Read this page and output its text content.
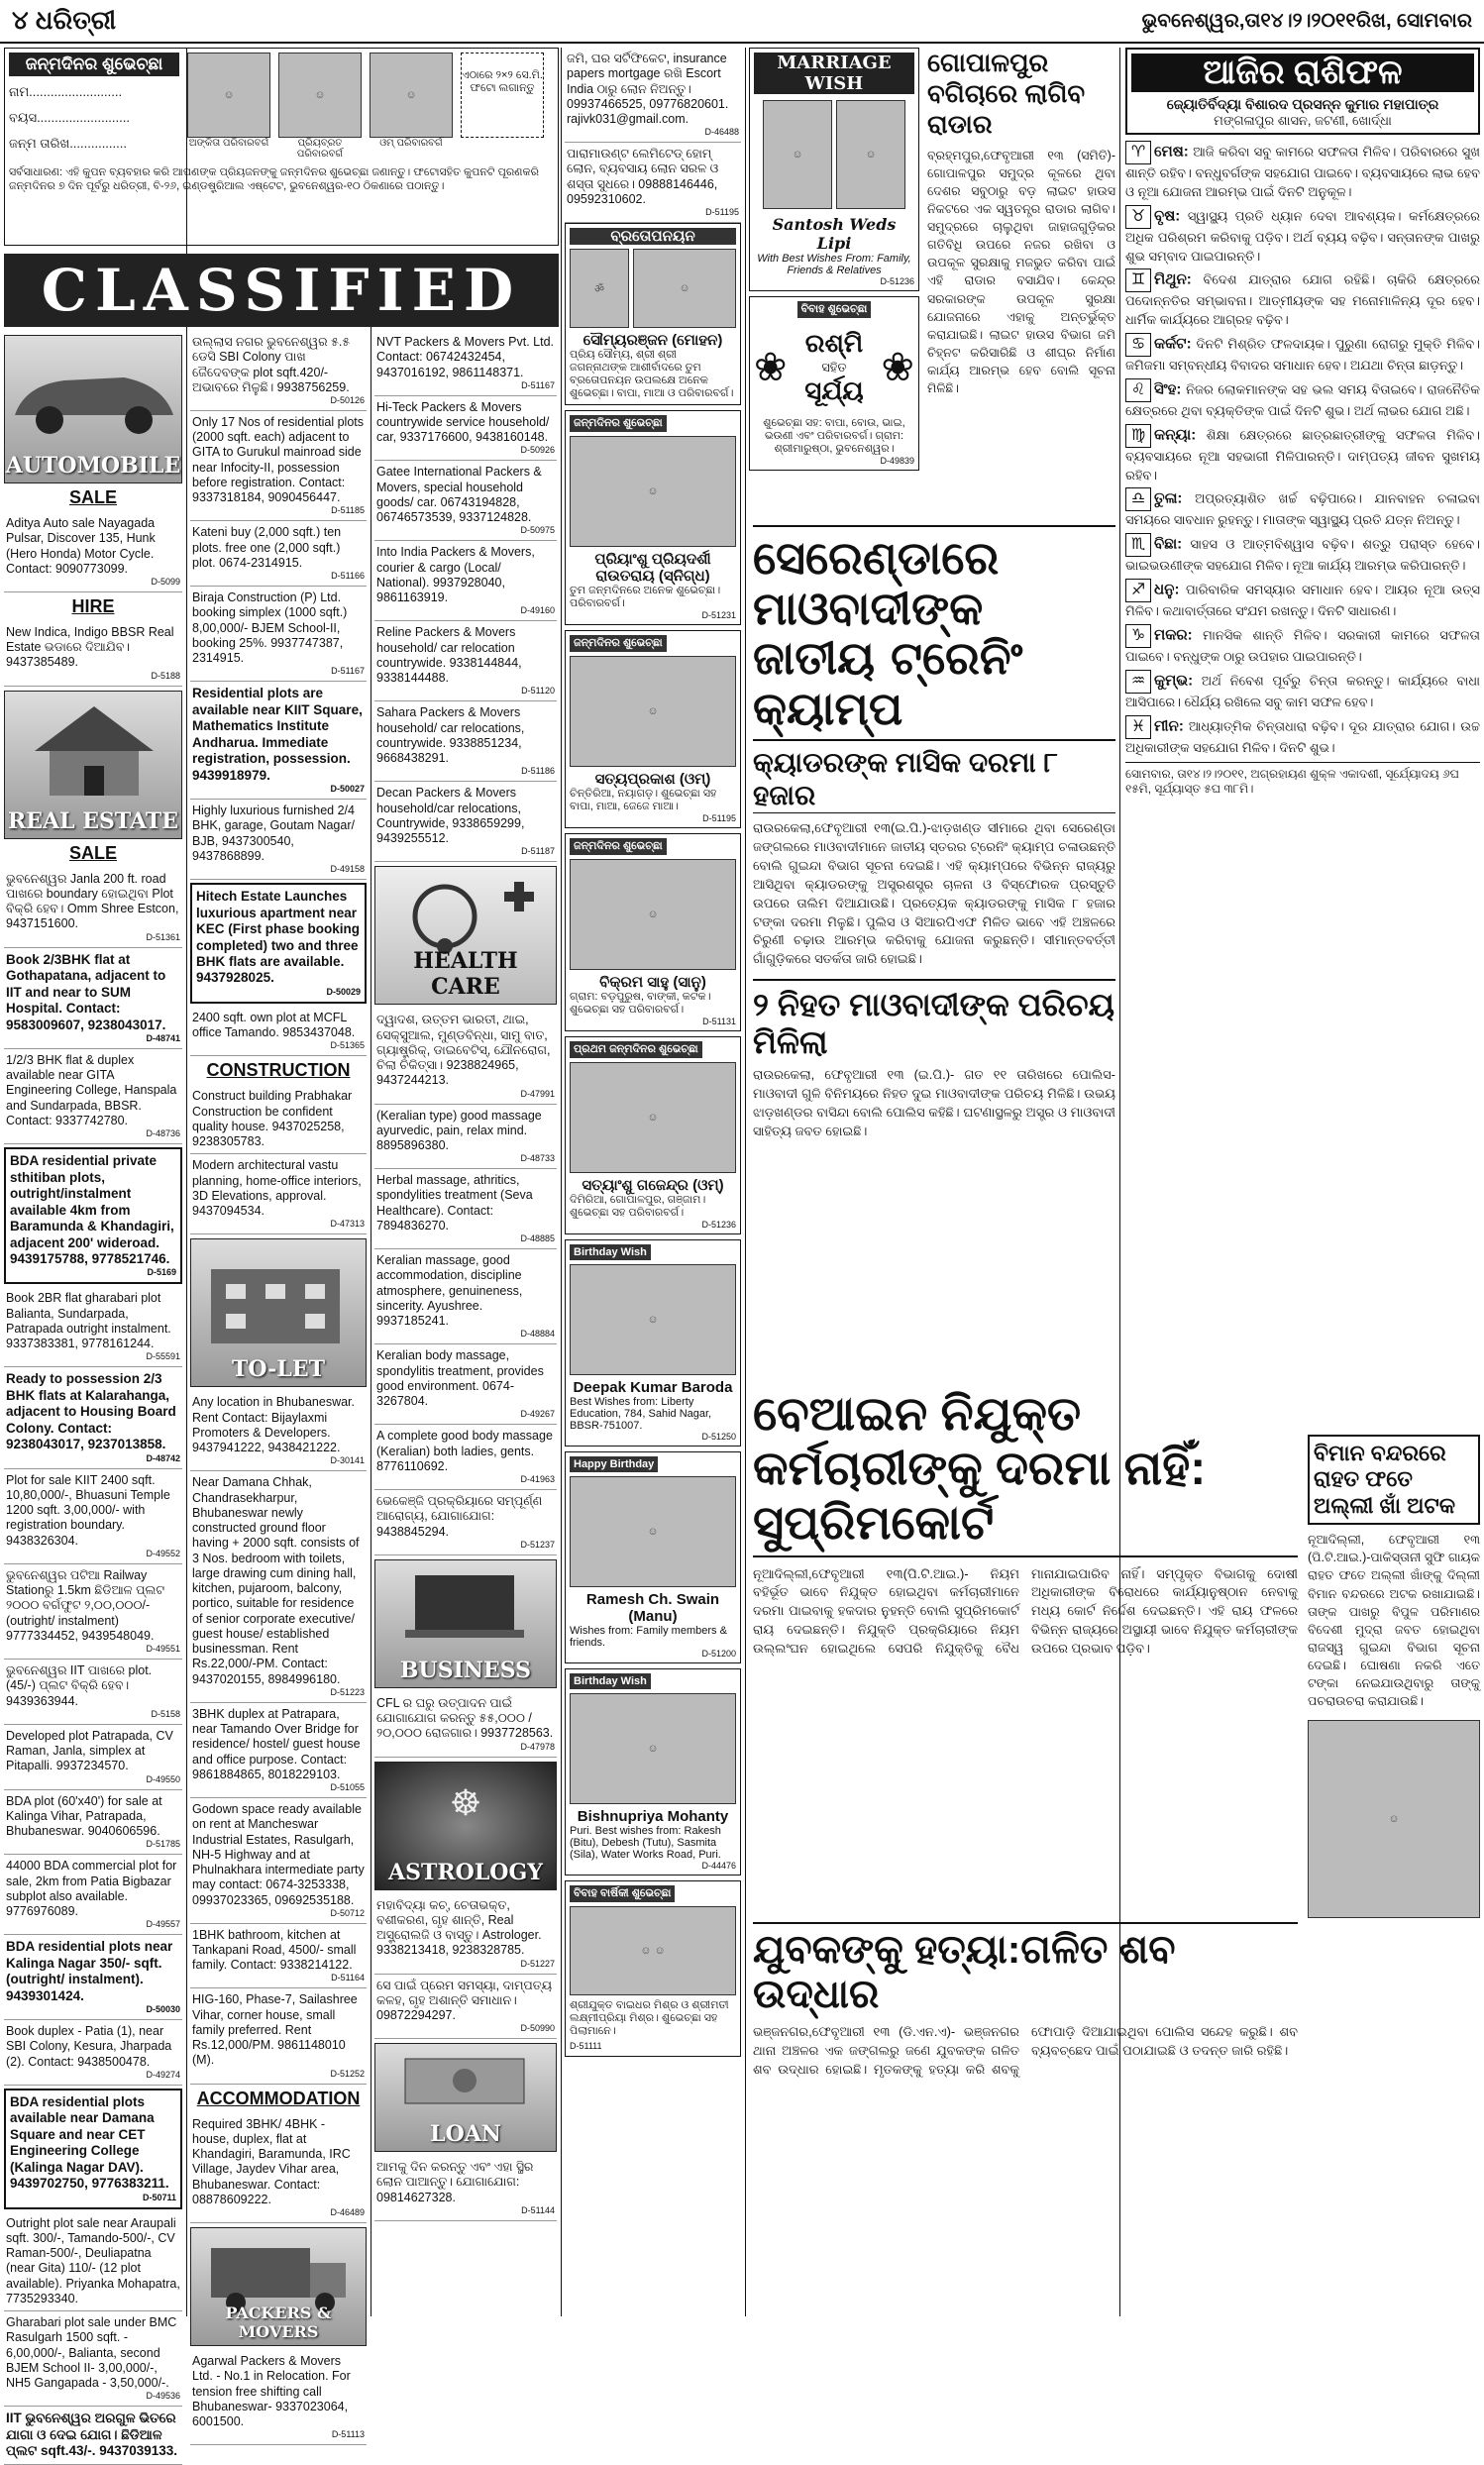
୪ ଧରିତ୍ରୀ	ଭୁବନେଶ୍ୱର,ତା୧୪।୨।୨୦୧୧ରିଖ, ସୋମବାର
ଜନ୍ମଦିନର ଶୁଭେଚ୍ଛା
ନାମ..........................
ବୟସ..........................
ଜନ୍ମ ତାରିଖ................
☺
ଅଙ୍କିତା ପରିବାରବର୍ଗ
☺
ପ୍ରିୟବ୍ରତ ପରିବାରବର୍ଗ
☺
ଓମ୍ ପରିବାରବର୍ଗ
ଏଠାରେ ୨×୨ ସେ.ମି. ଫଟୋ ଲଗାନ୍ତୁ
ସର୍ବସାଧାରଣ: ଏହି କୁପନ ବ୍ୟବହାର କରି ଆପଣଙ୍କ ପ୍ରିୟଜନଙ୍କୁ ଜନ୍ମଦିନର ଶୁଭେଚ୍ଛା ଜଣାନ୍ତୁ। ଫଟୋସହିତ କୁପନଟି ପୂରଣକରି ଜନ୍ମଦିନର ୭ ଦିନ ପୂର୍ବରୁ ଧରିତ୍ରୀ, ବି-୨୬, ଇଣ୍ଡଷ୍ଟ୍ରିଆଲ ଏଷ୍ଟେଟ, ଭୁବନେଶ୍ୱର-୧୦ ଠିକଣାରେ ପଠାନ୍ତୁ।
CLASSIFIED
AUTOMOBILE
SALE
Aditya Auto sale Nayagada Pulsar, Discover 135, Hunk (Hero Honda) Motor Cycle. Contact: 9090773099.
D-5099
HIRE
New Indica, Indigo BBSR Real Estate ଭଡାରେ ଦିଆଯିବ। 9437385489.
D-5188
REAL ESTATE
SALE
ଭୁବନେଶ୍ୱର Janla 200 ft. road ପାଖରେ boundary ହୋଇଥିବା Plot ବିକ୍ରି ହେବ। Omm Shree Estcon, 9437151600.
D-51361
Book 2/3BHK flat at Gothapatana, adjacent to IIT and near to SUM Hospital. Contact: 9583009607, 9238043017.
D-48741
1/2/3 BHK flat & duplex available near GITA Engineering College, Hanspala and Sundarpada, BBSR. Contact: 9337742780.
D-48736
BDA residential private sthitiban plots, outright/instalment available 4km from Baramunda & Khandagiri, adjacent 200' wideroad. 9439175788, 9778521746.
D-5169
Book 2BR flat gharabari plot Balianta, Sundarpada, Patrapada outright instalment. 9337383381, 9778161244.
D-55591
Ready to possession 2/3 BHK flats at Kalarahanga, adjacent to Housing Board Colony. Contact: 9238043017, 9237013858.
D-48742
Plot for sale KIIT 2400 sqft. 10,80,000/-, Bhuasuni Temple 1200 sqft. 3,00,000/- with registration boundary. 9438326304.
D-49552
ଭୁବନେଶ୍ୱର ପଟିଆ Railway Stationରୁ 1.5km ଛିଡିଆଳ ପ୍ଲଟ ୨୦୦୦ ବର୍ଗଫୁଟ ୨,୦୦,୦୦୦/- (outright/ instalment) 9777334452, 9439548049.
D-49551
ଭୁବନେଶ୍ୱର IIT ପାଖରେ plot. (45/-) ପ୍ଲଟ ବିକ୍ରି ହେବ। 9439363944.
D-5158
Developed plot Patrapada, CV Raman, Janla, simplex at Pitapalli. 9937234570.
D-49550
BDA plot (60'x40') for sale at Kalinga Vihar, Patrapada, Bhubaneswar. 9040606596.
D-51785
44000 BDA commercial plot for sale, 2km from Patia Bigbazar subplot also available. 9776976089.
D-49557
BDA residential plots near Kalinga Nagar 350/- sqft. (outright/ instalment). 9439301424.
D-50030
Book duplex - Patia (1), near SBI Colony, Kesura, Jharpada (2). Contact: 9438500478.
D-49274
BDA residential plots available near Damana Square and near CET Engineering College (Kalinga Nagar DAV). 9439702750, 9776383211.
D-50711
Outright plot sale near Araupali sqft. 300/-, Tamando-500/-, CV Raman-500/-, Deuliapatna (near Gita) 110/- (12 plot available). Priyanka Mohapatra, 7735293340.
Gharabari plot sale under BMC Rasulgarh 1500 sqft. - 6,00,000/-, Balianta, second BJEM School II- 3,00,000/-, NH5 Gangapada - 3,50,000/-.
D-49536
IIT ଭୁବନେଶ୍ୱର ଅରଗୁଳ ଭିତରେ ଯାଗା ଓ ଦେଇ ଯୋଗ। ଛିଡିଆଳ ପ୍ଲଟ sqft.43/-. 9437039133.
ଉଲ୍ଲାସ ନଗର ଭୁବନେଶ୍ୱର ୫.୫ ଡେସି SBI Colony ପାଖ ଜୈଦେବଙ୍କ plot sqft.420/- ଅଭାବରେ ମିଳୁଛି। 9938756259.
D-50126
Only 17 Nos of residential plots (2000 sqft. each) adjacent to GITA to Gurukul mainroad side near Infocity-II, possession before registration. Contact: 9337318184, 9090456447.
D-51185
Kateni buy (2,000 sqft.) ten plots. free one (2,000 sqft.) plot. 0674-2314915.
D-51166
Biraja Construction (P) Ltd. booking simplex (1000 sqft.) 8,00,000/- BJEM School-II, booking 25%. 9937747387, 2314915.
D-51167
Residential plots are available near KIIT Square, Mathematics Institute Andharua. Immediate registration, possession. 9439918979.
D-50027
Highly luxurious furnished 2/4 BHK, garage, Goutam Nagar/ BJB, 9437300540, 9437868899.
D-49158
Hitech Estate Launches luxurious apartment near KEC (First phase booking completed) two and three BHK flats are available. 9437928025.
D-50029
2400 sqft. own plot at MCFL office Tamando. 9853437048.
D-51365
CONSTRUCTION
Construct building Prabhakar Construction be confident quality house. 9437025258, 9238305783.
Modern architectural vastu planning, home-office interiors, 3D Elevations, approval. 9437094534.
D-47313
TO-LET
Any location in Bhubaneswar. Rent Contact: Bijaylaxmi Promoters & Developers. 9437941222, 9438421222.
D-30141
Near Damana Chhak, Chandrasekharpur, Bhubaneswar newly constructed ground floor having + 2000 sqft. consists of 3 Nos. bedroom with toilets, large drawing cum dining hall, kitchen, pujaroom, balcony, portico, suitable for residence of senior corporate executive/ guest house/ established businessman. Rent Rs.22,000/-PM. Contact: 9437020155, 8984996180.
D-51223
3BHK duplex at Patrapara, near Tamando Over Bridge for residence/ hostel/ guest house and office purpose. Contact: 9861884865, 8018229103.
D-51055
Godown space ready available on rent at Mancheswar Industrial Estates, Rasulgarh, NH-5 Highway and at Phulnakhara intermediate party may contact: 0674-3253338, 09937023365, 09692535188.
D-50712
1BHK bathroom, kitchen at Tankapani Road, 4500/- small family. Contact: 9338214122.
D-51164
HIG-160, Phase-7, Sailashree Vihar, corner house, small family preferred. Rent Rs.12,000/PM. 9861148010 (M).
D-51252
ACCOMMODATION
Required 3BHK/ 4BHK - house, duplex, flat at Khandagiri, Baramunda, IRC Village, Jaydev Vihar area, Bhubaneswar. Contact: 08878609222.
D-46489
PACKERS & MOVERS
Agarwal Packers & Movers Ltd. - No.1 in Relocation. For tension free shifting call Bhubaneswar- 9337023064, 6001500.
D-51113
NVT Packers & Movers Pvt. Ltd. Contact: 06742432454, 9437016192, 9861148371.
D-51167
Hi-Teck Packers & Movers countrywide service household/ car, 9337176600, 9438160148.
D-50926
Gatee International Packers & Movers, special household goods/ car. 06743194828, 06746573539, 9337124828.
D-50975
Into India Packers & Movers, courier & cargo (Local/ National). 9937928040, 9861163919.
D-49160
Reline Packers & Movers household/ car relocation countrywide. 9338144844, 9338144488.
D-51120
Sahara Packers & Movers household/ car relocations, countrywide. 9338851234, 9668438291.
D-51186
Decan Packers & Movers household/car relocations, Countrywide, 9338659299, 9439255512.
D-51187
HEALTH CARE
ଦ୍ୱାଦଶ, ଉତ୍ତମ ଭାରତୀ, ଥାଇ, ସେକ୍ସୁଆଲ, ମୁଣ୍ଡବିନ୍ଧା, ସାମୁ ବାତ, ଗ୍ୟାଷ୍ଟ୍ରିକ୍, ଡାଇବେଟିସ୍, ଯୌନରୋଗ, ଚିଲା ଚିକିତ୍ସା। 9238824965, 9437244213.
D-47991
(Keralian type) good massage ayurvedic, pain, relax mind. 8895896380.
D-48733
Herbal massage, athritics, spondylities treatment (Seva Healthcare). Contact: 7894836270.
D-48885
Keralian massage, good accommodation, discipline atmosphere, genuineness, sincerity. Ayushree. 9937185241.
D-48884
Keralian body massage, spondylitis treatment, provides good environment. 0674-3267804.
D-49267
A complete good body massage (Keralian) both ladies, gents. 8776110692.
D-41963
ଭେକେଞ୍ଜି ପ୍ରକ୍ରିୟାରେ ସମ୍ପୂର୍ଣ୍ଣ ଆରୋଗ୍ୟ, ଯୋଗାଯୋଗ: 9438845294.
D-51237
BUSINESS
CFL ର ଘରୁ ଉତ୍ପାଦନ ପାଇଁ ଯୋଗାଯୋଗ କରନ୍ତୁ ୫୫,୦୦୦ / ୨୦,୦୦୦ ରୋଜଗାର। 9937728563.
D-47978
☸
ASTROLOGY
ମହାବିଦ୍ୟା କଚ୍, ଚେତାଭକ୍ତ, ବଶୀକରଣ, ଗୃହ ଶାନ୍ତି, Real ଅସ୍ଟ୍ରୋଲଜି ଓ ବାସ୍ତୁ। Astrologer. 9338213418, 9238328785.
D-51227
ସେ ପାଇଁ ପ୍ରେମ ସମସ୍ୟା, ଦାମ୍ପତ୍ୟ କଳହ, ଗୃହ ଅଶାନ୍ତି ସମାଧାନ। 09872294297.
D-50990
LOAN
ଆମକୁ ଦିନ କରନ୍ତୁ ଏବଂ ଏହା ସ୍ଥିର ଲୋନ ପାଆନ୍ତୁ। ଯୋଗାଯୋଗ: 09814627328.
D-51144
ଜମି, ଘର ସର୍ଟିଫିକେଟ, insurance papers mortgage ରଖି Escort India ଠାରୁ ଲୋନ ନିଅନ୍ତୁ। 09937466525, 09776820601. rajivk031@gmail.com.
D-46488
ପାରାମାଉଣ୍ଟ ଲେମିଟେଡ୍ ହୋମ୍ ଲୋନ, ବ୍ୟବସାୟ ଲୋନ ସରଳ ଓ ଶସ୍ତା ସୁଧରେ। 09888146446, 09592310602.
D-51195
ବ୍ରତୋପନୟନ
ॐ	☺
ସୌମ୍ୟରଞ୍ଜନ (ମୋହନ)
ପ୍ରିୟ ସୌମ୍ୟ, ଶ୍ରୀ ଶ୍ରୀ ଜଗନ୍ନାଥଙ୍କ ଆଶୀର୍ବାଦରେ ତୁମ ବ୍ରତୋପନୟନ ଉପଲକ୍ଷେ ଅନେକ ଶୁଭେଚ୍ଛା। ବାପା, ମାଆ ଓ ପରିବାରବର୍ଗ।
ଜନ୍ମଦିନର ଶୁଭେଚ୍ଛା
☺
ପ୍ରିୟାଂଶୁ ପ୍ରିୟଦର୍ଶୀ ରାଉତରାୟ (ସ୍ନିଗ୍ଧ)
ତୁମ ଜନ୍ମଦିନରେ ଅନେକ ଶୁଭେଚ୍ଛା। ପରିବାରବର୍ଗ।
D-51231
ଜନ୍ମଦିନର ଶୁଭେଚ୍ଛା
☺
ସତ୍ୟପ୍ରକାଶ (ଓମ୍)
ଚିନ୍ତିରିଆ, ନୟାଗଡ଼। ଶୁଭେଚ୍ଛା ସହ ବାପା, ମାଆ, ଜେଜେ ମାଆ।
D-51195
ଜନ୍ମଦିନର ଶୁଭେଚ୍ଛା
☺
ବିକ୍ରମ ସାହୁ (ସାନୁ)
ଗ୍ରାମ: ବଡ଼ପୁରୁଷ, ବାଙ୍କୀ, କଟକ। ଶୁଭେଚ୍ଛା ସହ ପରିବାରବର୍ଗ।
D-51131
ପ୍ରଥମ ଜନ୍ମଦିନର ଶୁଭେଚ୍ଛା
☺
ସତ୍ୟାଂଶୁ ଗଜେନ୍ଦ୍ର (ଓମ୍)
ଦିମିରିଆ, ଗୋପାଳପୁର, ଗଞ୍ଜାମ। ଶୁଭେଚ୍ଛା ସହ ପରିବାରବର୍ଗ।
D-51236
Birthday Wish
☺
Deepak Kumar Baroda
Best Wishes from: Liberty Education, 784, Sahid Nagar, BBSR-751007.
D-51250
Happy Birthday
☺
Ramesh Ch. Swain (Manu)
Wishes from: Family members & friends.
D-51200
Birthday Wish
☺
Bishnupriya Mohanty
Puri. Best wishes from: Rakesh (Bitu), Debesh (Tutu), Sasmita (Sila), Water Works Road, Puri.
D-44476
ବିବାହ ବାର୍ଷିକୀ ଶୁଭେଚ୍ଛା
☺ ☺
ଶ୍ରୀଯୁକ୍ତ ବାଇଧର ମିଶ୍ର ଓ ଶ୍ରୀମତୀ ଲକ୍ଷ୍ମୀପ୍ରିୟା ମିଶ୍ର। ଶୁଭେଚ୍ଛା ସହ ପିଲାମାନେ।
D-51111
MARRIAGE WISH
☺	☺
Santosh Weds Lipi
With Best Wishes From: Family, Friends & Relatives
D-51236
ବିବାହ ଶୁଭେଚ୍ଛା
❀
ରଶ୍ମି
ସହିତ
ସୂର୍ଯ୍ୟ
❀
ଶୁଭେଚ୍ଛା ସହ: ବାପା, ବୋଉ, ଭାଇ, ଭଉଣୀ ଏବଂ ପରିବାରବର୍ଗ। ଗ୍ରାମ: ଶ୍ରୀମାରୁଷ୍ଠା, ଭୁବନେଶ୍ୱର।
D-49839
ଗୋପାଳପୁର ବଗିଚାରେ ଲାଗିବ ରାଡାର
ବ୍ରହ୍ମପୁର,ଫେବୃଆରୀ ୧୩ (ସମିତି)- ଗୋପାଳପୁର ସମୁଦ୍ର କୂଳରେ ଥିବା ଦେଶର ସବୁଠାରୁ ବଡ଼ ଲାଇଟ ହାଉସ ନିକଟରେ ଏକ ସ୍ୱତନ୍ତ୍ର ରାଡାର ଲାଗିବ। ସମୁଦ୍ରରେ ଚାଲୁଥିବା ଜାହାଜଗୁଡ଼ିକର ଗତିବିଧି ଉପରେ ନଜର ରଖିବା ଓ ଉପକୂଳ ସୁରକ୍ଷାକୁ ମଜଭୁତ କରିବା ପାଇଁ ଏହି ରାଡାର ବସାଯିବ। କେନ୍ଦ୍ର ସରକାରଙ୍କ ଉପକୂଳ ସୁରକ୍ଷା ଯୋଜନାରେ ଏହାକୁ ଅନ୍ତର୍ଭୁକ୍ତ କରାଯାଇଛି। ଲାଇଟ ହାଉସ ବିଭାଗ ଜମି ଚିହ୍ନଟ କରିସାରିଛି ଓ ଶୀଘ୍ର ନିର୍ମାଣ କାର୍ଯ୍ୟ ଆରମ୍ଭ ହେବ ବୋଲି ସୂଚନା ମିଳିଛି।
ସେରେଣ୍ଡାରେ ମାଓବାଦୀଙ୍କ ଜାତୀୟ ଟ୍ରେନିଂ କ୍ୟାମ୍ପ
କ୍ୟାଡରଙ୍କ ମାସିକ ଦରମା ୮ ହଜାର
ରାଉରକେଲା,ଫେବୃଆରୀ ୧୩(ଇ.ପି.)-ଝାଡ଼ଖଣ୍ଡ ସୀମାରେ ଥିବା ସେରେଣ୍ଡା ଜଙ୍ଗଲରେ ମାଓବାଦୀମାନେ ଜାତୀୟ ସ୍ତରର ଟ୍ରେନିଂ କ୍ୟାମ୍ପ ଚଳାଉଛନ୍ତି ବୋଲି ଗୁଇନ୍ଦା ବିଭାଗ ସୂଚନା ଦେଇଛି। ଏହି କ୍ୟାମ୍ପରେ ବିଭିନ୍ନ ରାଜ୍ୟରୁ ଆସିଥିବା କ୍ୟାଡରଙ୍କୁ ଅସ୍ତ୍ରଶସ୍ତ୍ର ଚାଳନା ଓ ବିସ୍ଫୋରକ ପ୍ରସ୍ତୁତି ଉପରେ ତାଲିମ ଦିଆଯାଉଛି। ପ୍ରତ୍ୟେକ କ୍ୟାଡରଙ୍କୁ ମାସିକ ୮ ହଜାର ଟଙ୍କା ଦରମା ମିଳୁଛି। ପୁଲିସ ଓ ସିଆରପିଏଫ ମିଳିତ ଭାବେ ଏହି ଅଞ୍ଚଳରେ ଚିରୁଣୀ ଚଢ଼ାଉ ଆରମ୍ଭ କରିବାକୁ ଯୋଜନା କରୁଛନ୍ତି। ସୀମାନ୍ତବର୍ତ୍ତୀ ଗାଁଗୁଡ଼ିକରେ ସତର୍କତା ଜାରି ହୋଇଛି।
୨ ନିହତ ମାଓବାଦୀଙ୍କ ପରିଚୟ ମିଳିଲା
ରାଉରକେଲା, ଫେବୃଆରୀ ୧୩ (ଇ.ପି.)- ଗତ ୧୧ ତାରିଖରେ ପୋଲିସ-ମାଓବାଦୀ ଗୁଳି ବିନିମୟରେ ନିହତ ଦୁଇ ମାଓବାଦୀଙ୍କ ପରିଚୟ ମିଳିଛି। ଉଭୟ ଝାଡ଼ଖଣ୍ଡର ବାସିନ୍ଦା ବୋଲି ପୋଲିସ କହିଛି। ଘଟଣାସ୍ଥଳରୁ ଅସ୍ତ୍ର ଓ ମାଓବାଦୀ ସାହିତ୍ୟ ଜବତ ହୋଇଛି।
ଆଜିର ରାଶିଫଳ
ଜ୍ୟୋତିର୍ବିଦ୍ୟା ବିଶାରଦ ପ୍ରସନ୍ନ କୁମାର ମହାପାତ୍ର
ମଙ୍ଗଳାପୁର ଶାସନ, ଜଟଣୀ, ଖୋର୍ଦ୍ଧା
♈ ମେଷ: ଆଜି କରିବା ସବୁ କାମରେ ସଫଳତା ମିଳିବ। ପରିବାରରେ ସୁଖ ଶାନ୍ତି ରହିବ। ବନ୍ଧୁବର୍ଗଙ୍କ ସହଯୋଗ ପାଇବେ। ବ୍ୟବସାୟରେ ଲାଭ ହେବ ଓ ନୂଆ ଯୋଜନା ଆରମ୍ଭ ପାଇଁ ଦିନଟି ଅନୁକୂଳ।
♉ ବୃଷ: ସ୍ୱାସ୍ଥ୍ୟ ପ୍ରତି ଧ୍ୟାନ ଦେବା ଆବଶ୍ୟକ। କର୍ମକ୍ଷେତ୍ରରେ ଅଧିକ ପରିଶ୍ରମ କରିବାକୁ ପଡ଼ିବ। ଅର୍ଥ ବ୍ୟୟ ବଢ଼ିବ। ସନ୍ତାନଙ୍କ ପାଖରୁ ଶୁଭ ସମ୍ବାଦ ପାଇପାରନ୍ତି।
♊ ମିଥୁନ: ବିଦେଶ ଯାତ୍ରାର ଯୋଗ ରହିଛି। ଚାକିରି କ୍ଷେତ୍ରରେ ପଦୋନ୍ନତିର ସମ୍ଭାବନା। ଆତ୍ମୀୟଙ୍କ ସହ ମନୋମାଳିନ୍ୟ ଦୂର ହେବ। ଧାର୍ମିକ କାର୍ଯ୍ୟରେ ଆଗ୍ରହ ବଢ଼ିବ।
♋ କର୍କଟ: ଦିନଟି ମିଶ୍ରିତ ଫଳଦାୟକ। ପୁରୁଣା ରୋଗରୁ ମୁକ୍ତି ମିଳିବ। ଜମିଜମା ସମ୍ବନ୍ଧୀୟ ବିବାଦର ସମାଧାନ ହେବ। ଅଯଥା ଚିନ୍ତା ଛାଡ଼ନ୍ତୁ।
♌ ସିଂହ: ନିଜର ଲୋକମାନଙ୍କ ସହ ଭଲ ସମୟ ବିତାଇବେ। ରାଜନୈତିକ କ୍ଷେତ୍ରରେ ଥିବା ବ୍ୟକ୍ତିଙ୍କ ପାଇଁ ଦିନଟି ଶୁଭ। ଅର୍ଥ ଲାଭର ଯୋଗ ଅଛି।
♍ କନ୍ୟା: ଶିକ୍ଷା କ୍ଷେତ୍ରରେ ଛାତ୍ରଛାତ୍ରୀଙ୍କୁ ସଫଳତା ମିଳିବ। ବ୍ୟବସାୟରେ ନୂଆ ସହଭାଗୀ ମିଳିପାରନ୍ତି। ଦାମ୍ପତ୍ୟ ଜୀବନ ସୁଖମୟ ରହିବ।
♎ ତୁଳା: ଅପ୍ରତ୍ୟାଶିତ ଖର୍ଚ୍ଚ ବଢ଼ିପାରେ। ଯାନବାହନ ଚଳାଇବା ସମୟରେ ସାବଧାନ ରୁହନ୍ତୁ। ମାତାଙ୍କ ସ୍ୱାସ୍ଥ୍ୟ ପ୍ରତି ଯତ୍ନ ନିଅନ୍ତୁ।
♏ ବିଛା: ସାହସ ଓ ଆତ୍ମବିଶ୍ୱାସ ବଢ଼ିବ। ଶତ୍ରୁ ପରାସ୍ତ ହେବେ। ଭାଇଭଉଣୀଙ୍କ ସହଯୋଗ ମିଳିବ। ନୂଆ କାର୍ଯ୍ୟ ଆରମ୍ଭ କରିପାରନ୍ତି।
♐ ଧନୁ: ପାରିବାରିକ ସମସ୍ୟାର ସମାଧାନ ହେବ। ଆୟର ନୂଆ ଉତ୍ସ ମିଳିବ। କଥାବାର୍ତ୍ତାରେ ସଂଯମ ରଖନ୍ତୁ। ଦିନଟି ସାଧାରଣ।
♑ ମକର: ମାନସିକ ଶାନ୍ତି ମିଳିବ। ସରକାରୀ କାମରେ ସଫଳତା ପାଇବେ। ବନ୍ଧୁଙ୍କ ଠାରୁ ଉପହାର ପାଇପାରନ୍ତି।
♒ କୁମ୍ଭ: ଅର୍ଥ ନିବେଶ ପୂର୍ବରୁ ଚିନ୍ତା କରନ୍ତୁ। କାର୍ଯ୍ୟରେ ବାଧା ଆସିପାରେ। ଧୈର୍ଯ୍ୟ ରଖିଲେ ସବୁ କାମ ସଫଳ ହେବ।
♓ ମୀନ: ଆଧ୍ୟାତ୍ମିକ ଚିନ୍ତାଧାରା ବଢ଼ିବ। ଦୂର ଯାତ୍ରାର ଯୋଗ। ଉଚ୍ଚ ଅଧିକାରୀଙ୍କ ସହଯୋଗ ମିଳିବ। ଦିନଟି ଶୁଭ।
ସୋମବାର, ତା୧୪।୨।୨୦୧୧, ଅଗ୍ରହାୟଣ ଶୁକ୍ଳ ଏକାଦଶୀ, ସୂର୍ଯ୍ୟୋଦୟ ୬ଘ ୧୫ମି, ସୂର୍ଯ୍ୟାସ୍ତ ୫ଘ ୩୮ମି।
ବେଆଇନ ନିଯୁକ୍ତ କର୍ମଚାରୀଙ୍କୁ ଦରମା ନାହିଁ: ସୁପ୍ରିମକୋର୍ଟ
ନୂଆଦିଲ୍ଲୀ,ଫେବୃଆରୀ ୧୩(ପି.ଟି.ଆଇ.)- ନିୟମ ବହିର୍ଭୂତ ଭାବେ ନିଯୁକ୍ତ ହୋଇଥିବା କର୍ମଚାରୀମାନେ ଦରମା ପାଇବାକୁ ହକଦାର ନୁହନ୍ତି ବୋଲି ସୁପ୍ରିମକୋର୍ଟ ରାୟ ଦେଇଛନ୍ତି। ନିଯୁକ୍ତି ପ୍ରକ୍ରିୟାରେ ନିୟମ ଉଲ୍ଲଂଘନ ହୋଇଥିଲେ ସେପରି ନିଯୁକ୍ତିକୁ ବୈଧ ମାନାଯାଇପାରିବ ନାହିଁ। ସମ୍ପୃକ୍ତ ବିଭାଗକୁ ଦୋଷୀ ଅଧିକାରୀଙ୍କ ବିରୋଧରେ କାର୍ଯ୍ୟାନୁଷ୍ଠାନ ନେବାକୁ ମଧ୍ୟ କୋର୍ଟ ନିର୍ଦ୍ଦେଶ ଦେଇଛନ୍ତି। ଏହି ରାୟ ଫଳରେ ବିଭିନ୍ନ ରାଜ୍ୟରେ ଅସ୍ଥାୟୀ ଭାବେ ନିଯୁକ୍ତ କର୍ମଚାରୀଙ୍କ ଉପରେ ପ୍ରଭାବ ପଡ଼ିବ।
ବିମାନ ବନ୍ଦରରେ ରାହତ ଫତେ ଅଲ୍ଲୀ ଖାଁ ଅଟକ
ନୂଆଦିଲ୍ଲୀ, ଫେବୃଆରୀ ୧୩ (ପି.ଟି.ଆଇ.)-ପାକିସ୍ତାନୀ ସୁଫି ଗାୟକ ରାହତ ଫତେ ଅଲ୍ଲୀ ଖାଁଙ୍କୁ ଦିଲ୍ଲୀ ବିମାନ ବନ୍ଦରରେ ଅଟକ ରଖାଯାଇଛି। ତାଙ୍କ ପାଖରୁ ବିପୁଳ ପରିମାଣର ବିଦେଶୀ ମୁଦ୍ରା ଜବତ ହୋଇଥିବା ରାଜସ୍ୱ ଗୁଇନ୍ଦା ବିଭାଗ ସୂଚନା ଦେଇଛି। ଘୋଷଣା ନକରି ଏତେ ଟଙ୍କା ନେଇଯାଉଥିବାରୁ ତାଙ୍କୁ ପଚରାଉଚରା କରାଯାଉଛି।
☺
ଯୁବକଙ୍କୁ ହତ୍ୟା:ଗଳିତ ଶବ ଉଦ୍ଧାର
ଭଞ୍ଜନଗର,ଫେବୃଆରୀ ୧୩ (ଡି.ଏନ.ଏ)- ଭଞ୍ଜନଗର ଥାନା ଅଞ୍ଚଳର ଏକ ଜଙ୍ଗଲରୁ ଜଣେ ଯୁବକଙ୍କ ଗଳିତ ଶବ ଉଦ୍ଧାର ହୋଇଛି। ମୃତକଙ୍କୁ ହତ୍ୟା କରି ଶବକୁ ଫୋପାଡ଼ି ଦିଆଯାଇଥିବା ପୋଲିସ ସନ୍ଦେହ କରୁଛି। ଶବ ବ୍ୟବଚ୍ଛେଦ ପାଇଁ ପଠାଯାଇଛି ଓ ତଦନ୍ତ ଜାରି ରହିଛି।
